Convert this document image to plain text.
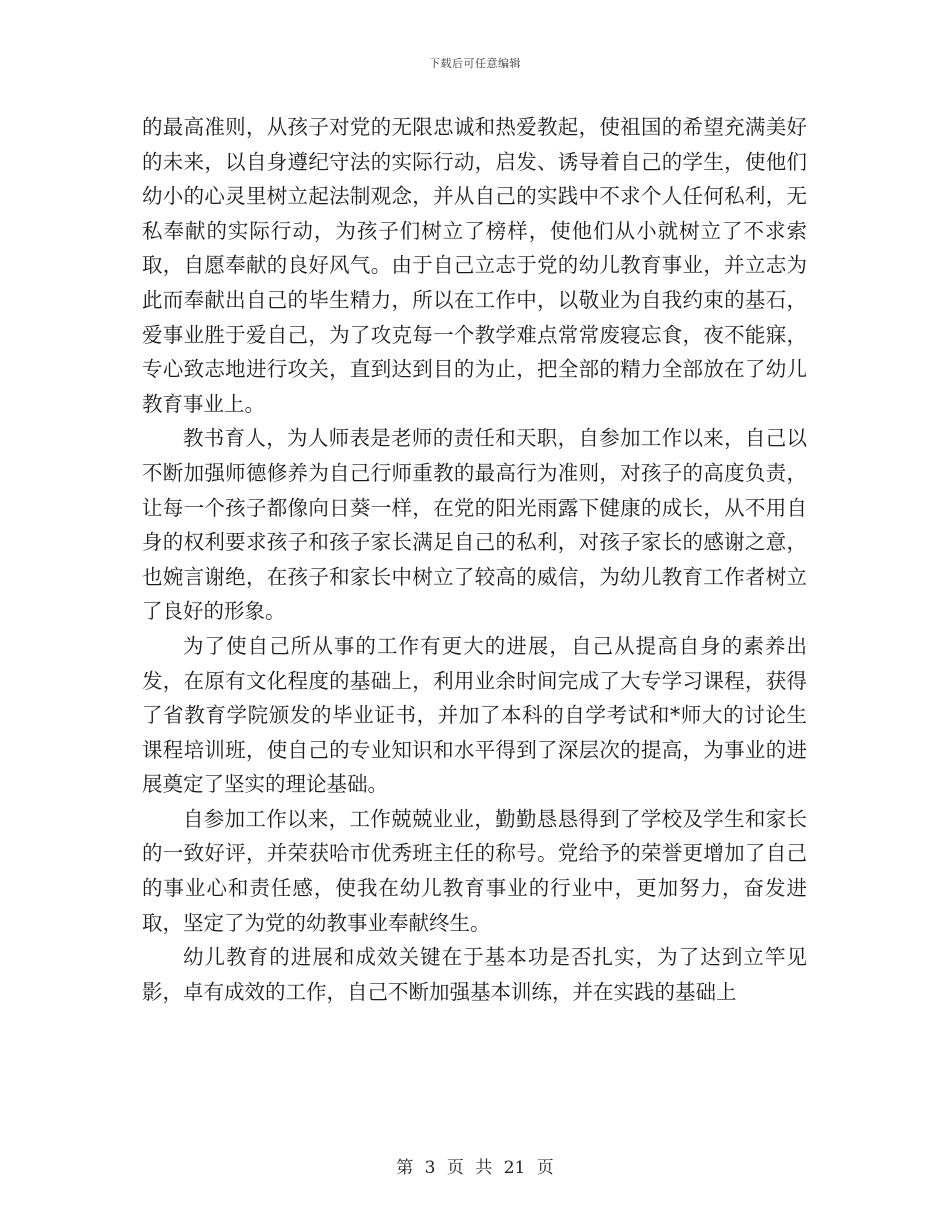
下载后可任意编辑

的最高准则，从孩子对党的无限忠诚和热爱教起，使祖国的希望充满美好的未来，以自身遵纪守法的实际行动，启发、诱导着自己的学生，使他们幼小的心灵里树立起法制观念，并从自己的实践中不求个人任何私利，无私奉献的实际行动，为孩子们树立了榜样，使他们从小就树立了不求索取，自愿奉献的良好风气。由于自己立志于党的幼儿教育事业，并立志为此而奉献出自己的毕生精力，所以在工作中，以敬业为自我约束的基石，爱事业胜于爱自己，为了攻克每一个教学难点常常废寝忘食，夜不能寐，专心致志地进行攻关，直到达到目的为止，把全部的精力全部放在了幼儿教育事业上。

教书育人，为人师表是老师的责任和天职，自参加工作以来，自己以不断加强师德修养为自己行师重教的最高行为准则，对孩子的高度负责，让每一个孩子都像向日葵一样，在党的阳光雨露下健康的成长，从不用自身的权利要求孩子和孩子家长满足自己的私利，对孩子家长的感谢之意，也婉言谢绝，在孩子和家长中树立了较高的威信，为幼儿教育工作者树立了良好的形象。

为了使自己所从事的工作有更大的进展，自己从提高自身的素养出发，在原有文化程度的基础上，利用业余时间完成了大专学习课程，获得了省教育学院颁发的毕业证书，并加了本科的自学考试和*师大的讨论生课程培训班，使自己的专业知识和水平得到了深层次的提高，为事业的进展奠定了坚实的理论基础。

自参加工作以来，工作兢兢业业，勤勤恳恳得到了学校及学生和家长的一致好评，并荣获哈市优秀班主任的称号。党给予的荣誉更增加了自己的事业心和责任感，使我在幼儿教育事业的行业中，更加努力，奋发进取，坚定了为党的幼教事业奉献终生。

幼儿教育的进展和成效关键在于基本功是否扎实，为了达到立竿见影，卓有成效的工作，自己不断加强基本训练，并在实践的基础上

第 3 页 共 21 页
